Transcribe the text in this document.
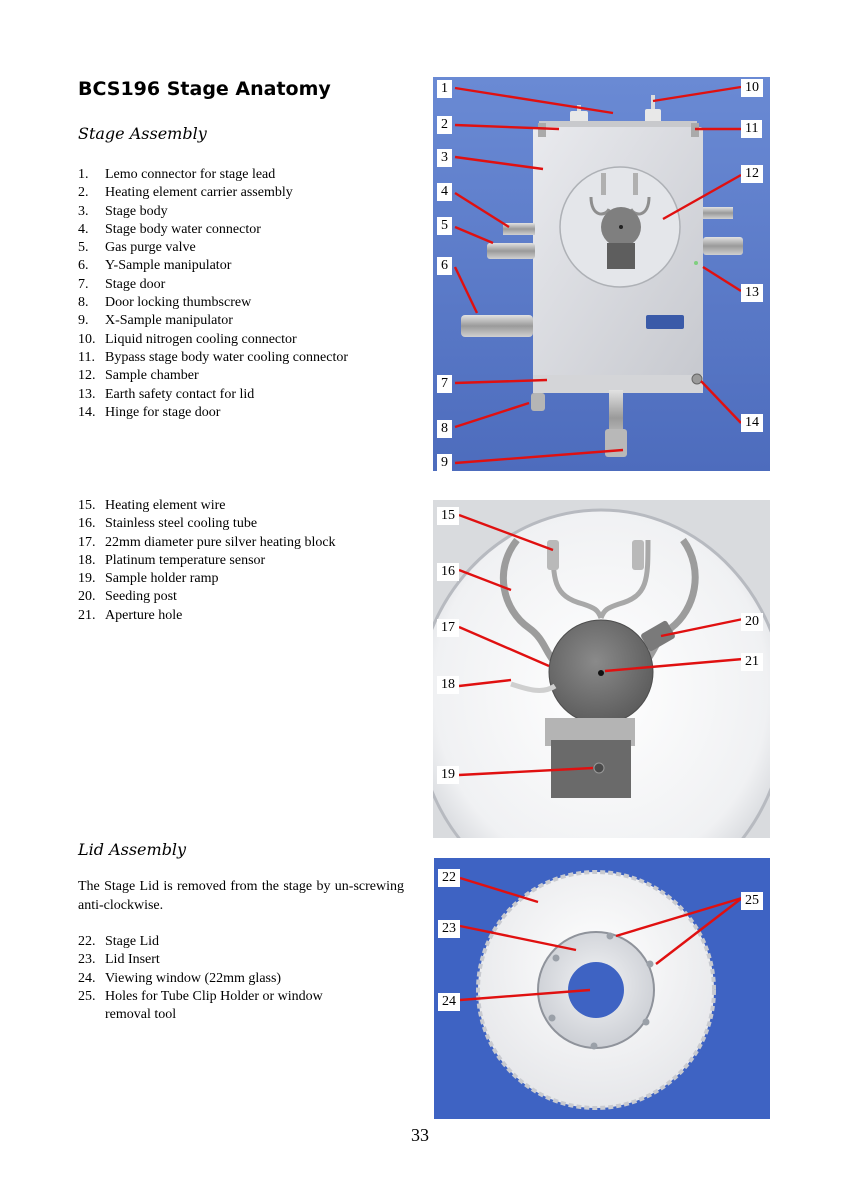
BCS196 Stage Anatomy
Stage Assembly
1. Lemo connector for stage lead
2. Heating element carrier assembly
3. Stage body
4. Stage body water connector
5. Gas purge valve
6. Y-Sample manipulator
7. Stage door
8. Door locking thumbscrew
9. X-Sample manipulator
10. Liquid nitrogen cooling connector
11. Bypass stage body water cooling connector
12. Sample chamber
13. Earth safety contact for lid
14. Hinge for stage door
15. Heating element wire
16. Stainless steel cooling tube
17. 22mm diameter pure silver heating block
18. Platinum temperature sensor
19. Sample holder ramp
20. Seeding post
21. Aperture hole
Lid Assembly
The Stage Lid is removed from the stage by un-screwing anti-clockwise.
22. Stage Lid
23. Lid Insert
24. Viewing window (22mm glass)
25. Holes for Tube Clip Holder or window
removal tool
1
2
3
4
5
6
7
8
9
10
11
12
13
14
15
16
17
18
19
20
21
22
23
24
25
33
